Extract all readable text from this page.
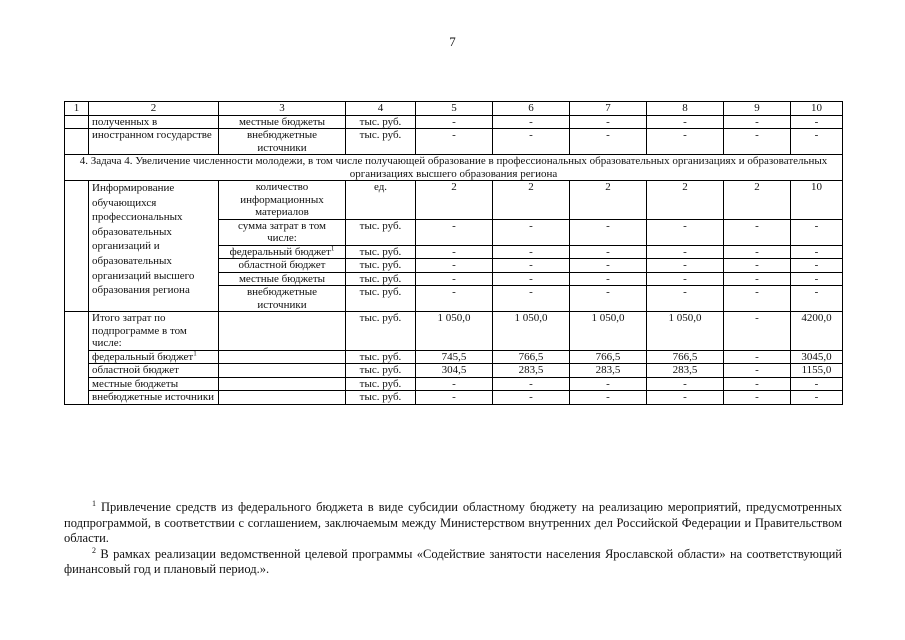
7
1	2	3	4	5	6	7	8	9	10
	полученных в	местные бюджеты	тыс. руб.	-	-	-	-	-	-
	иностранном государстве	внебюджетные источники	тыс. руб.	-	-	-	-	-	-
4. Задача 4. Увеличение численности молодежи, в том числе получающей образование в профессиональных образовательных организациях и образовательных организациях высшего образования региона									
	Информирование обучающихся профессиональных образовательных организаций и образовательных организаций высшего образования региона	количество информационных материалов	ед.	2	2	2	2	2	10
		сумма затрат в том числе:	тыс. руб.	-	-	-	-	-	-
		федеральный бюджет$^1$	тыс. руб.	-	-	-	-	-	-
		областной бюджет	тыс. руб.	-	-	-	-	-	-
		местные бюджеты	тыс. руб.	-	-	-	-	-	-
		внебюджетные источники	тыс. руб.	-	-	-	-	-	-
	Итого затрат по подпрограмме в том числе:		тыс. руб.	1 050,0	1 050,0	1 050,0	1 050,0	-	4200,0
	федеральный бюджет$^1$		тыс. руб.	745,5	766,5	766,5	766,5	-	3045,0
	областной бюджет		тыс. руб.	304,5	283,5	283,5	283,5	-	1155,0
	местные бюджеты		тыс. руб.	-	-	-	-	-	-
	внебюджетные источники		тыс. руб.	-	-	-	-	-	-

$^1$ Привлечение средств из федерального бюджета в виде субсидии областному бюджету на реализацию мероприятий, предусмотренных подпрограммой, в соответствии с соглашением, заключаемым между Министерством внутренних дел Российской Федерации и Правительством области.

$^2$ В рамках реализации ведомственной целевой программы «Содействие занятости населения Ярославской области» на соответствующий финансовый год и плановый период.».
